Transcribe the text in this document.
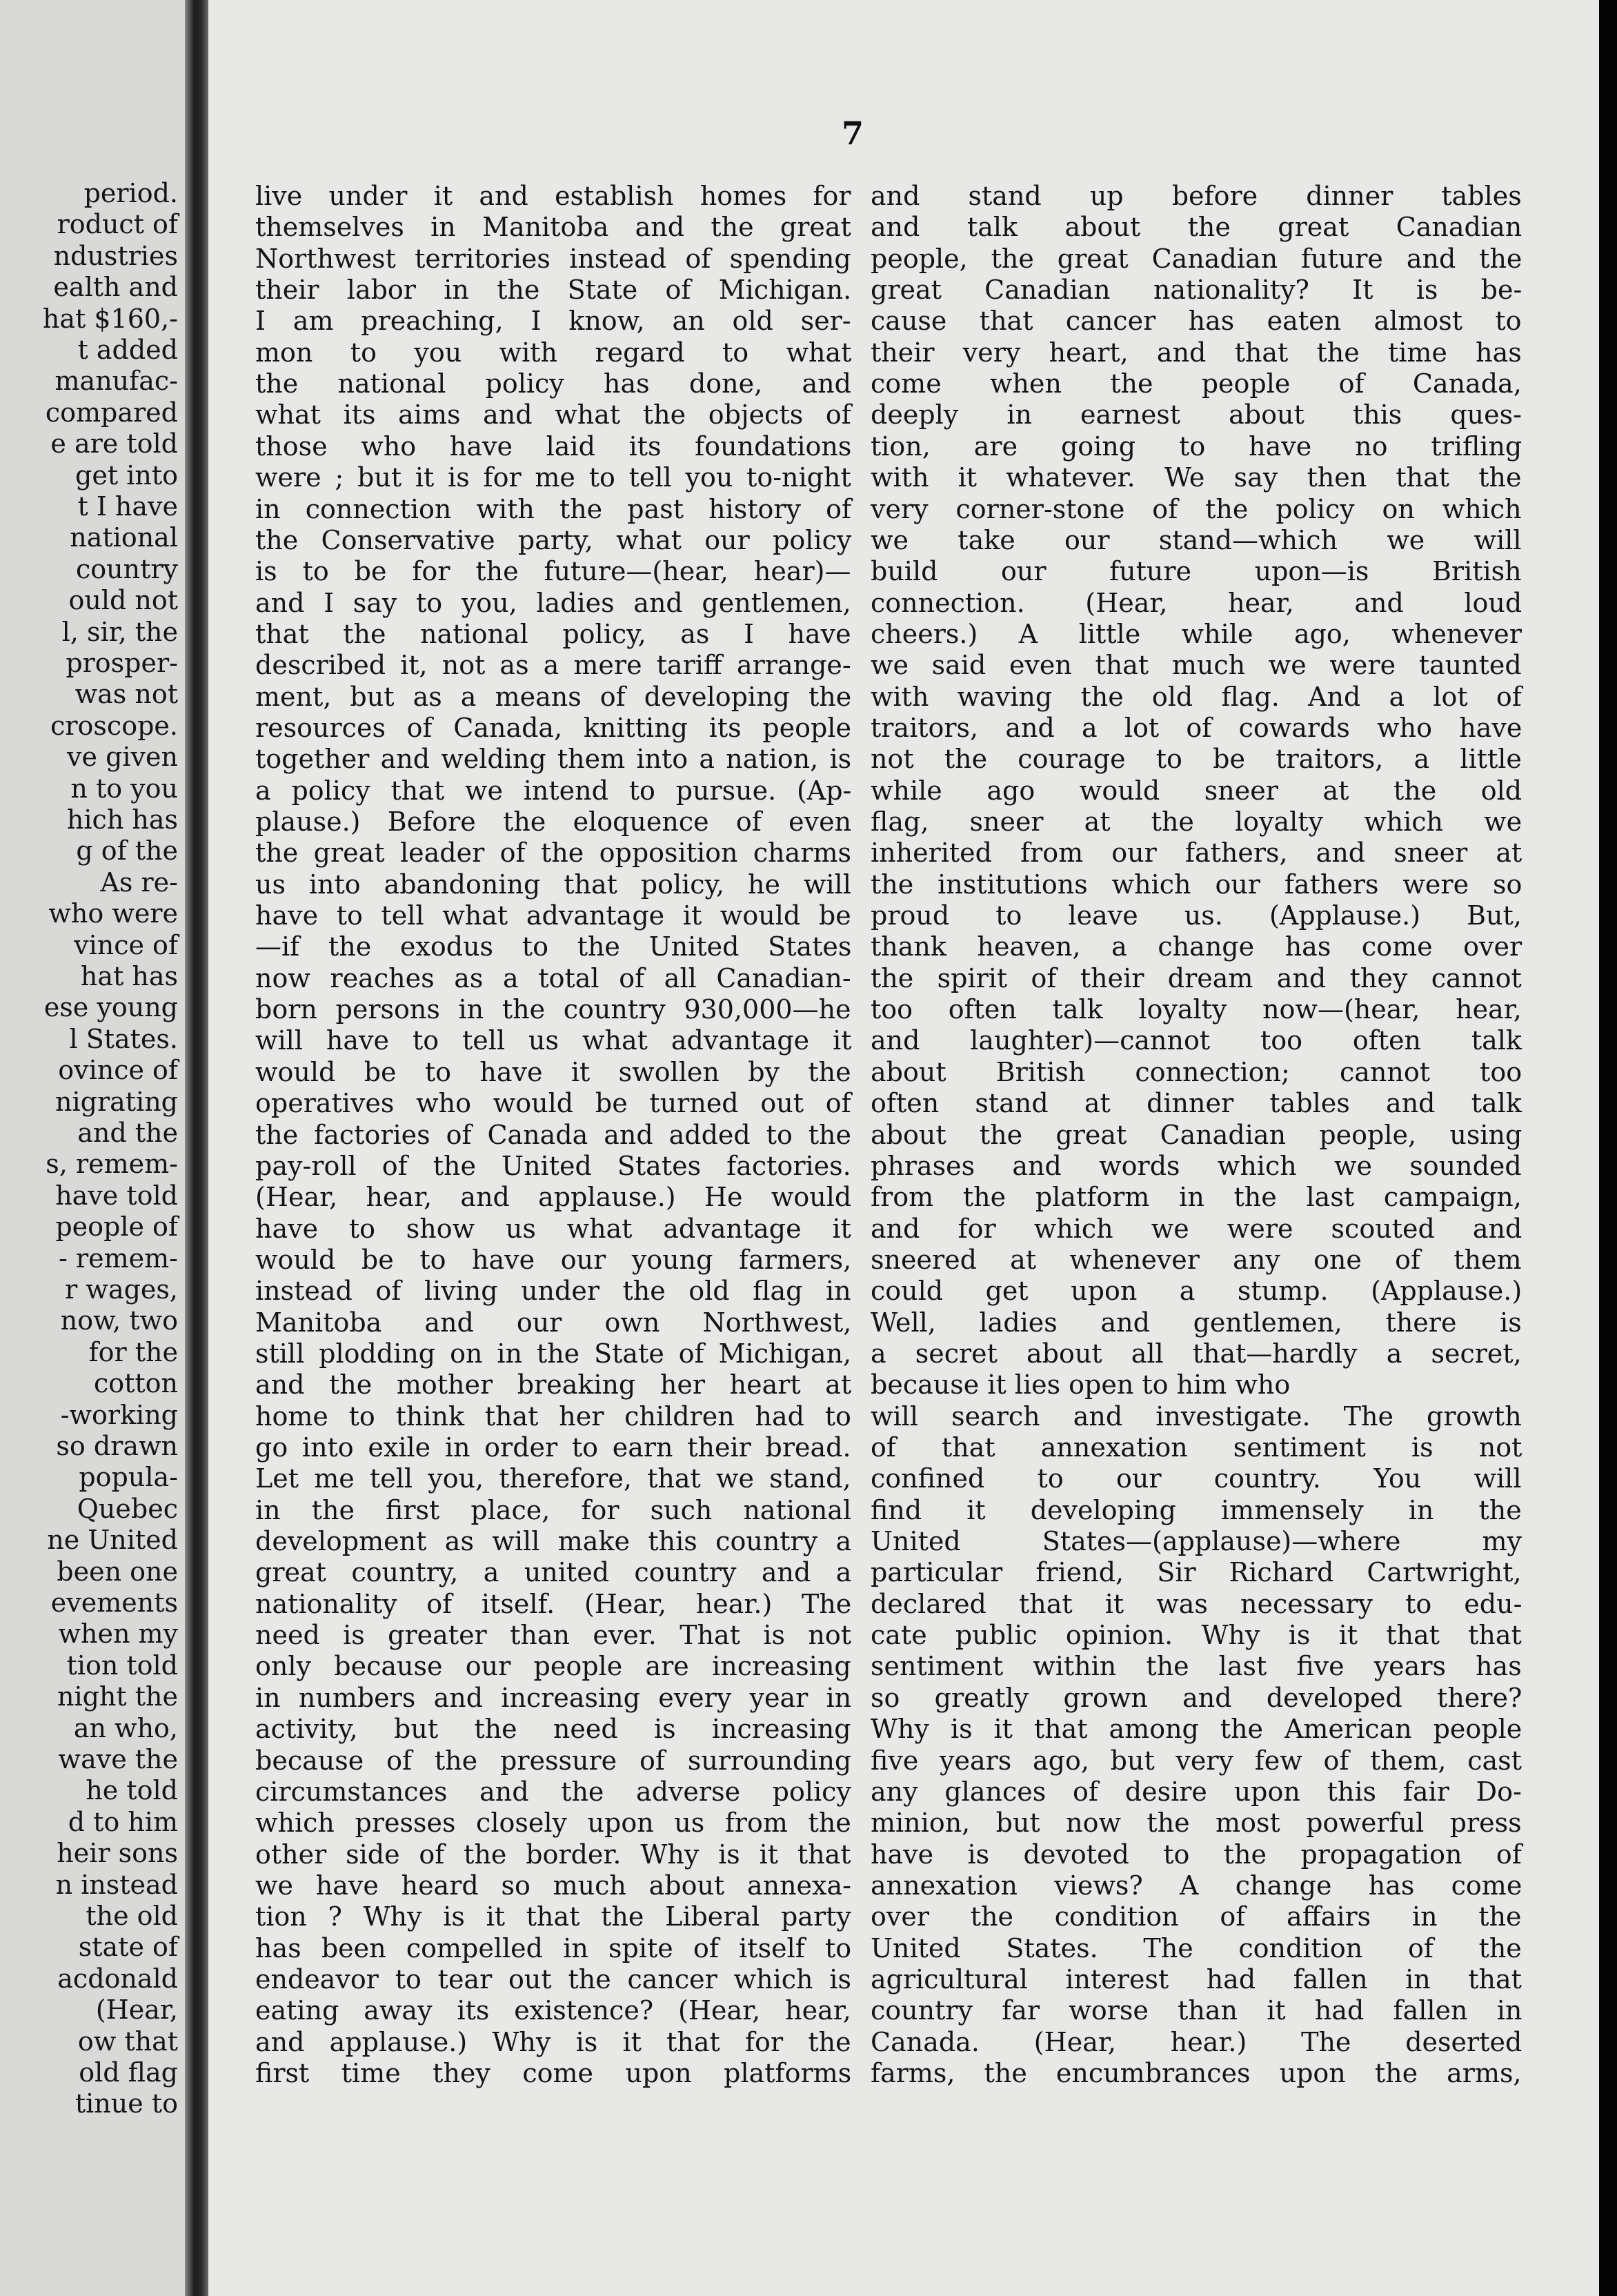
period.
roduct of
ndustries
ealth and
hat $160,-
t added
manufac-
compared
e are told
get into
t I have
national
country
ould not
l, sir, the
prosper-
was not
croscope.
ve given
n to you
hich has
g of the
As re-
who were
vince of
hat has
ese young
l States.
ovince of
nigrating
and the
s, remem-
have told
people of
- remem-
r wages,
now, two
for the
cotton
-working
so drawn
popula-
Quebec
ne United
been one
evements
when my
tion told
night the
an who,
wave the
he told
d to him
heir sons
n instead
the old
state of
acdonald
(Hear,
ow that
old flag
tinue to
7
live under it and establish homes for
themselves in Manitoba and the great
Northwest territories instead of spending
their labor in the State of Michigan.
I am preaching, I know, an old ser-
mon to you with regard to what
the national policy has done, and
what its aims and what the objects of
those who have laid its foundations
were ; but it is for me to tell you to-night
in connection with the past history of
the Conservative party, what our policy
is to be for the future—(hear, hear)—
and I say to you, ladies and gentlemen,
that the national policy, as I have
described it, not as a mere tariff arrange-
ment, but as a means of developing the
resources of Canada, knitting its people
together and welding them into a nation, is
a policy that we intend to pursue. (Ap-
plause.) Before the eloquence of even
the great leader of the opposition charms
us into abandoning that policy, he will
have to tell what advantage it would be
—if the exodus to the United States
now reaches as a total of all Canadian-
born persons in the country 930,000—he
will have to tell us what advantage it
would be to have it swollen by the
operatives who would be turned out of
the factories of Canada and added to the
pay-roll of the United States factories.
(Hear, hear, and applause.) He would
have to show us what advantage it
would be to have our young farmers,
instead of living under the old flag in
Manitoba and our own Northwest,
still plodding on in the State of Michigan,
and the mother breaking her heart at
home to think that her children had to
go into exile in order to earn their bread.
Let me tell you, therefore, that we stand,
in the first place, for such national
development as will make this country a
great country, a united country and a
nationality of itself. (Hear, hear.) The
need is greater than ever. That is not
only because our people are increasing
in numbers and increasing every year in
activity, but the need is increasing
because of the pressure of surrounding
circumstances and the adverse policy
which presses closely upon us from the
other side of the border. Why is it that
we have heard so much about annexa-
tion ? Why is it that the Liberal party
has been compelled in spite of itself to
endeavor to tear out the cancer which is
eating away its existence? (Hear, hear,
and applause.) Why is it that for the
first time they come upon platforms
and stand up before dinner tables
and talk about the great Canadian
people, the great Canadian future and the
great Canadian nationality? It is be-
cause that cancer has eaten almost to
their very heart, and that the time has
come when the people of Canada,
deeply in earnest about this ques-
tion, are going to have no trifling
with it whatever. We say then that the
very corner-stone of the policy on which
we take our stand—which we will
build our future upon—is British
connection. (Hear, hear, and loud
cheers.) A little while ago, whenever
we said even that much we were taunted
with waving the old flag. And a lot of
traitors, and a lot of cowards who have
not the courage to be traitors, a little
while ago would sneer at the old
flag, sneer at the loyalty which we
inherited from our fathers, and sneer at
the institutions which our fathers were so
proud to leave us. (Applause.) But,
thank heaven, a change has come over
the spirit of their dream and they cannot
too often talk loyalty now—(hear, hear,
and laughter)—cannot too often talk
about British connection; cannot too
often stand at dinner tables and talk
about the great Canadian people, using
phrases and words which we sounded
from the platform in the last campaign,
and for which we were scouted and
sneered at whenever any one of them
could get upon a stump. (Applause.)
Well, ladies and gentlemen, there is
a secret about all that—hardly a secret,
because it lies open to him who
will search and investigate. The growth
of that annexation sentiment is not
confined to our country. You will
find it developing immensely in the
United States—(applause)—where my
particular friend, Sir Richard Cartwright,
declared that it was necessary to edu-
cate public opinion. Why is it that that
sentiment within the last five years has
so greatly grown and developed there?
Why is it that among the American people
five years ago, but very few of them, cast
any glances of desire upon this fair Do-
minion, but now the most powerful press
have is devoted to the propagation of
annexation views? A change has come
over the condition of affairs in the
United States. The condition of the
agricultural interest had fallen in that
country far worse than it had fallen in
Canada. (Hear, hear.) The deserted
farms, the encumbrances upon the arms,
